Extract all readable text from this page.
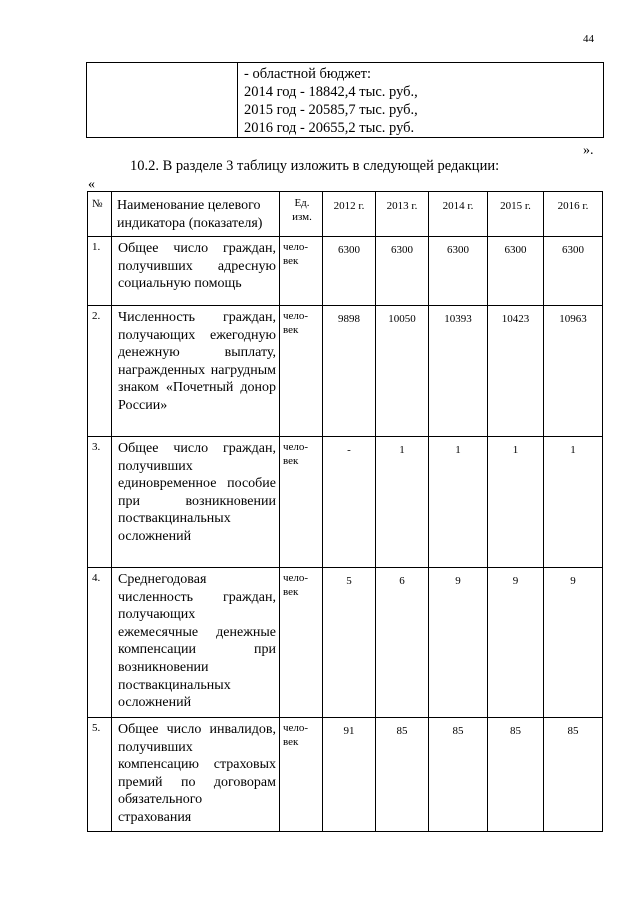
44
- областной бюджет:
2014 год - 18842,4 тыс. руб.,
2015 год - 20585,7 тыс. руб.,
2016 год - 20655,2 тыс. руб.
».
10.2. В разделе 3 таблицу изложить в следующей редакции:
«
№	Наименование целевого индикатора (показателя)	Ед. изм.	2012 г.	2013 г.	2014 г.	2015 г.	2016 г.

1.	Общее число граждан, получивших адресную социальную помощь	чело-век	6300	6300	6300	6300	6300

2.	Численность граждан, получающих ежегодную денежную выплату, награжденных нагрудным знаком «Почетный донор России»	чело-век	9898	10050	10393	10423	10963

3.	Общее число граждан, получивших единовременное пособие при возникновении поствакцинальных осложнений	чело-век	-	1	1	1	1

4.	Среднегодовая численность граждан, получающих ежемесячные денежные компенсации при возникновении поствакцинальных осложнений	чело-век	5	6	9	9	9

5.	Общее число инвалидов, получивших компенсацию страховых премий по договорам обязательного страхования	чело-век	91	85	85	85	85
